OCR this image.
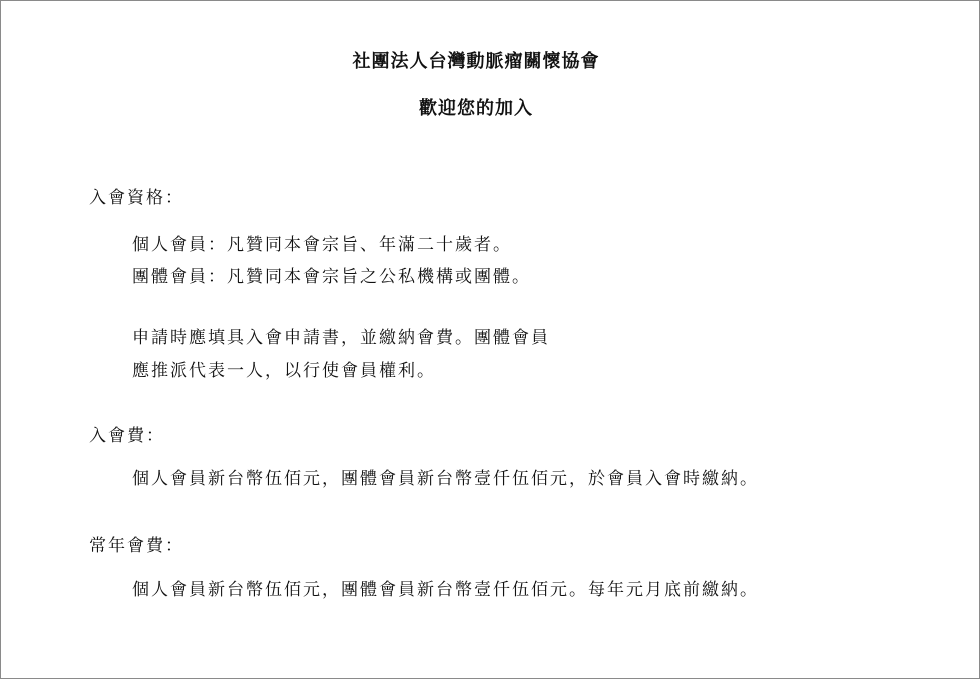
社團法人台灣動脈瘤關懷協會
歡迎您的加入
入會資格：
個人會員：凡贊同本會宗旨、年滿二十歲者。
團體會員：凡贊同本會宗旨之公私機構或團體。
申請時應填具入會申請書，並繳納會費。團體會員
應推派代表一人，以行使會員權利。
入會費：
個人會員新台幣伍佰元，團體會員新台幣壹仟伍佰元，於會員入會時繳納。
常年會費：
個人會員新台幣伍佰元，團體會員新台幣壹仟伍佰元。每年元月底前繳納。
